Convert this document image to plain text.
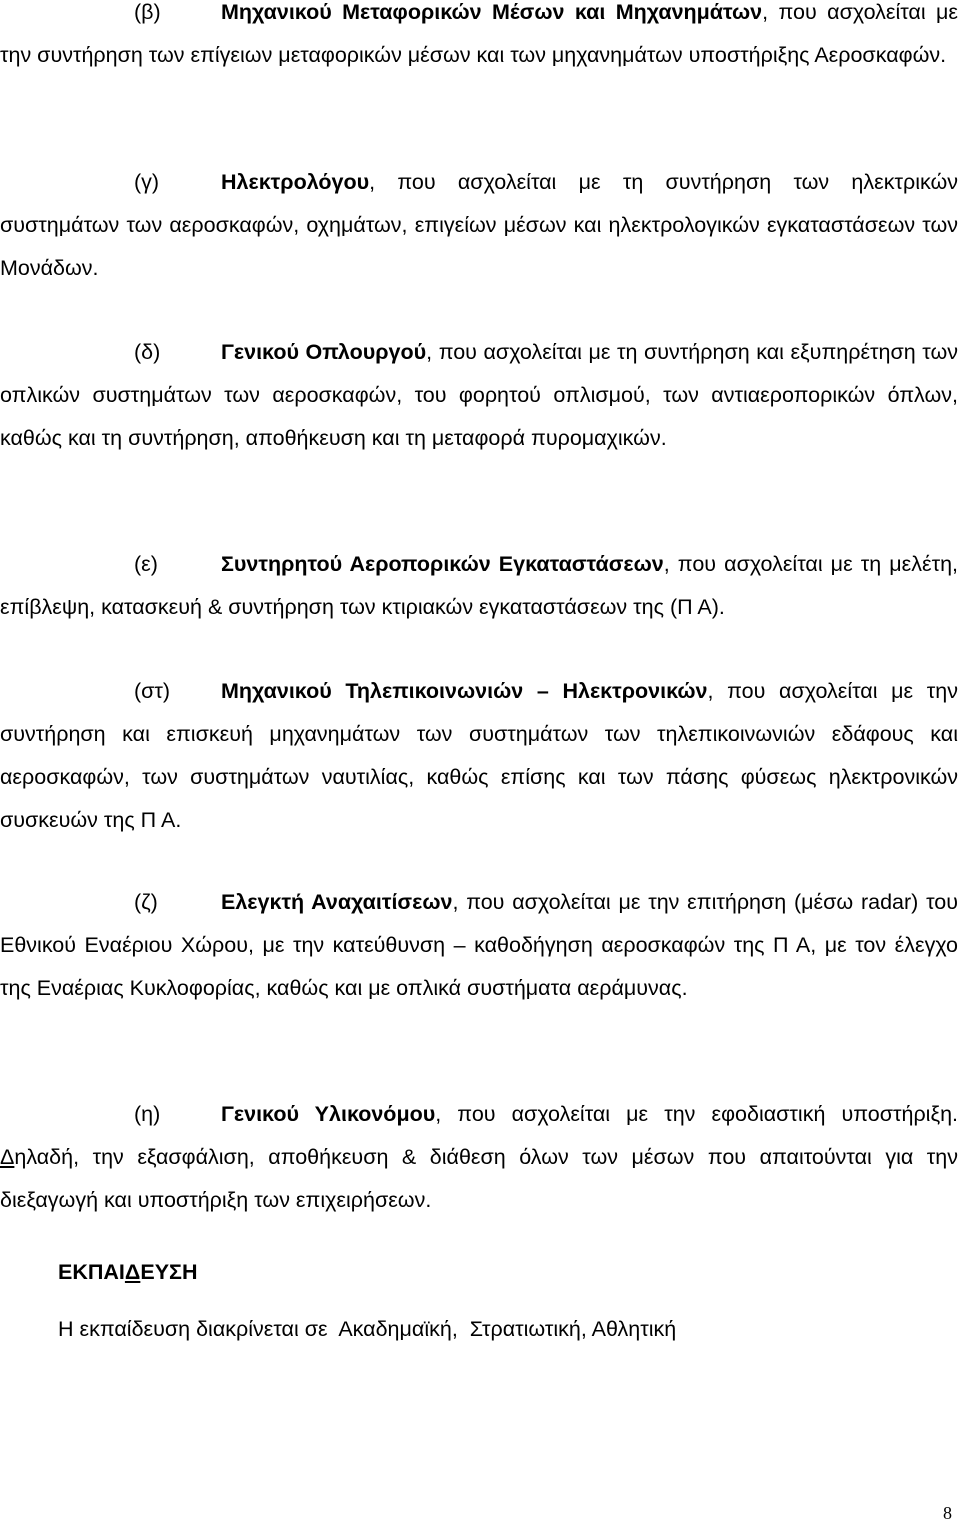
(β)	Μηχανικού Μεταφορικών Μέσων και Μηχανημάτων, που ασχολείται με την συντήρηση των επίγειων μεταφορικών μέσων και των μηχανημάτων υποστήριξης Αεροσκαφών.

(γ)	Ηλεκτρολόγου, που ασχολείται με τη συντήρηση των ηλεκτρικών συστημάτων των αεροσκαφών, οχημάτων, επιγείων μέσων και ηλεκτρολογικών εγκαταστάσεων των Μονάδων.

(δ)	Γενικού Οπλουργού, που ασχολείται με τη συντήρηση και εξυπηρέτηση των οπλικών συστημάτων των αεροσκαφών, του φορητού οπλισμού, των αντιαεροπορικών όπλων, καθώς και τη συντήρηση, αποθήκευση και τη μεταφορά πυρομαχικών.

(ε)	Συντηρητού Αεροπορικών Εγκαταστάσεων, που ασχολείται με τη μελέτη, επίβλεψη, κατασκευή & συντήρηση των κτιριακών εγκαταστάσεων της (Π Α).

(στ) Μηχανικού Τηλεπικοινωνιών – Ηλεκτρονικών, που ασχολείται με την συντήρηση και επισκευή μηχανημάτων των συστημάτων των τηλεπικοινωνιών εδάφους και αεροσκαφών, των συστημάτων ναυτιλίας, καθώς επίσης και των πάσης φύσεως ηλεκτρονικών συσκευών της Π Α.

(ζ)	Ελεγκτή Αναχαιτίσεων, που ασχολείται με την επιτήρηση (μέσω radar) του Εθνικού Εναέριου Χώρου, με την κατεύθυνση – καθοδήγηση αεροσκαφών της Π Α, με τον έλεγχο της Εναέριας Κυκλοφορίας, καθώς και με οπλικά συστήματα αεράμυνας.

(η)	Γενικού Υλικονόμου, που ασχολείται με την εφοδιαστική υποστήριξη. Δηλαδή, την εξασφάλιση, αποθήκευση & διάθεση όλων των μέσων που απαιτούνται για την διεξαγωγή και υποστήριξη των επιχειρήσεων.

ΕΚΠΑΙΔΕΥΣΗ
Η εκπαίδευση διακρίνεται σε  Ακαδημαϊκή,  Στρατιωτική, Αθλητική
8
